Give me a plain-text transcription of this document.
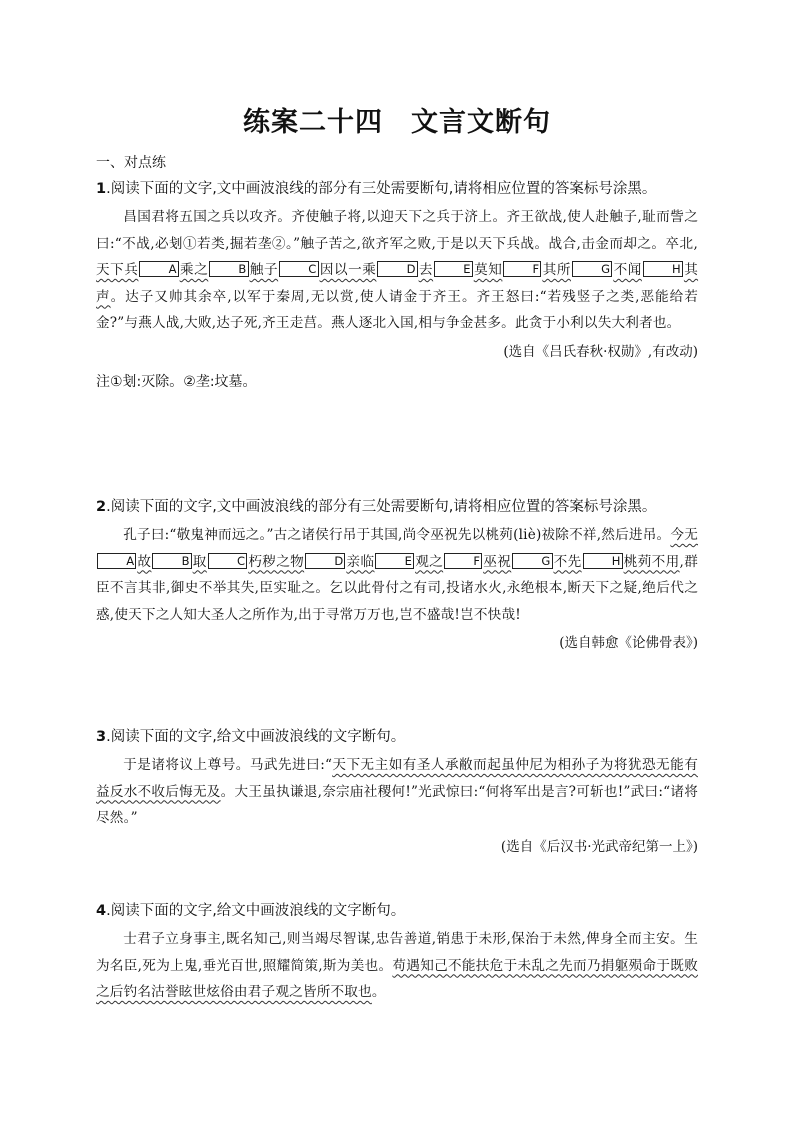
练案二十四　文言文断句

一、对点练

1.阅读下面的文字,文中画波浪线的部分有三处需要断句,请将相应位置的答案标号涂黑。

昌国君将五国之兵以攻齐。齐使触子将,以迎天下之兵于济上。齐王欲战,使人赴触子,耻而訾之曰:“不战,必刬①若类,掘若垄②。”触子苦之,欲齐军之败,于是以天下兵战。战合,击金而却之。卒北,天下兵	A 乘之	B 触子	C 因以一乘	D 去	E 莫知	F 其所	G 不闻	H 其声。达子又帅其余卒,以军于秦周,无以赏,使人请金于齐王。齐王怒曰:“若残竖子之类,恶能给若金?”与燕人战,大败,达子死,齐王走莒。燕人逐北入国,相与争金甚多。此贪于小利以失大利者也。

(选自《吕氏春秋·权勋》,有改动)

注①刬:灭除。②垄:坟墓。

2.阅读下面的文字,文中画波浪线的部分有三处需要断句,请将相应位置的答案标号涂黑。

孔子曰:“敬鬼神而远之。”古之诸侯行吊于其国,尚令巫祝先以桃茢(liè)祓除不祥,然后进吊。今无A 故	B 取	C 朽秽之物	D 亲临	E 观之	F 巫祝	G 不先	H 桃茢不用,群臣不言其非,御史不举其失,臣实耻之。乞以此骨付之有司,投诸水火,永绝根本,断天下之疑,绝后代之惑,使天下之人知大圣人之所作为,出于寻常万万也,岂不盛哉!岂不快哉!

(选自韩愈《论佛骨表》)

3.阅读下面的文字,给文中画波浪线的文字断句。

于是诸将议上尊号。马武先进曰:“天下无主如有圣人承敝而起虽仲尼为相孙子为将犹恐无能有益反水不收后悔无及。大王虽执谦退,奈宗庙社稷何!”光武惊曰:“何将军出是言?可斩也!”武曰:“诸将尽然。”

(选自《后汉书·光武帝纪第一上》)

4.阅读下面的文字,给文中画波浪线的文字断句。

士君子立身事主,既名知己,则当竭尽智谋,忠告善道,销患于未形,保治于未然,俾身全而主安。生为名臣,死为上鬼,垂光百世,照耀简策,斯为美也。苟遇知己不能扶危于未乱之先而乃捐躯殒命于既败之后钓名沽誉眩世炫俗由君子观之皆所不取也。
